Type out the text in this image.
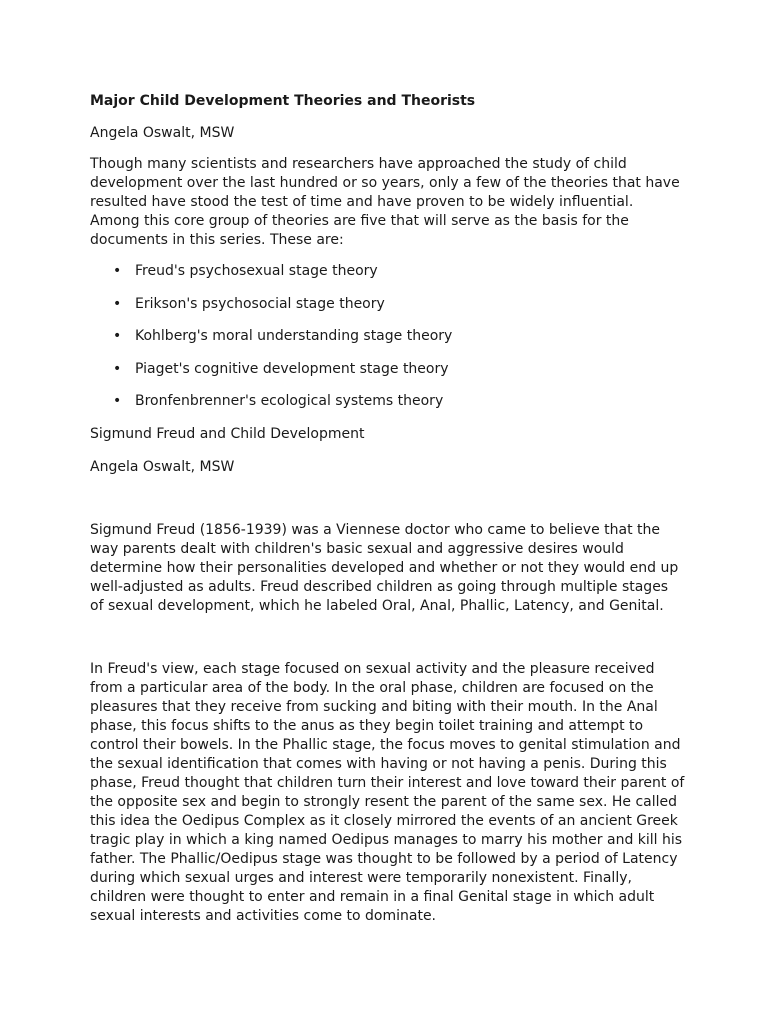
Major Child Development Theories and Theorists

Angela Oswalt, MSW

Though many scientists and researchers have approached the study of child
development over the last hundred or so years, only a few of the theories that have
resulted have stood the test of time and have proven to be widely influential.
Among this core group of theories are five that will serve as the basis for the
documents in this series. These are:
• Freud's psychosexual stage theory
• Erikson's psychosocial stage theory
• Kohlberg's moral understanding stage theory
• Piaget's cognitive development stage theory
• Bronfenbrenner's ecological systems theory

Sigmund Freud and Child Development

Angela Oswalt, MSW

Sigmund Freud (1856-1939) was a Viennese doctor who came to believe that the
way parents dealt with children's basic sexual and aggressive desires would
determine how their personalities developed and whether or not they would end up
well-adjusted as adults. Freud described children as going through multiple stages
of sexual development, which he labeled Oral, Anal, Phallic, Latency, and Genital.
In Freud's view, each stage focused on sexual activity and the pleasure received
from a particular area of the body. In the oral phase, children are focused on the
pleasures that they receive from sucking and biting with their mouth. In the Anal
phase, this focus shifts to the anus as they begin toilet training and attempt to
control their bowels. In the Phallic stage, the focus moves to genital stimulation and
the sexual identification that comes with having or not having a penis. During this
phase, Freud thought that children turn their interest and love toward their parent of
the opposite sex and begin to strongly resent the parent of the same sex. He called
this idea the Oedipus Complex as it closely mirrored the events of an ancient Greek
tragic play in which a king named Oedipus manages to marry his mother and kill his
father. The Phallic/Oedipus stage was thought to be followed by a period of Latency
during which sexual urges and interest were temporarily nonexistent. Finally,
children were thought to enter and remain in a final Genital stage in which adult
sexual interests and activities come to dominate.
